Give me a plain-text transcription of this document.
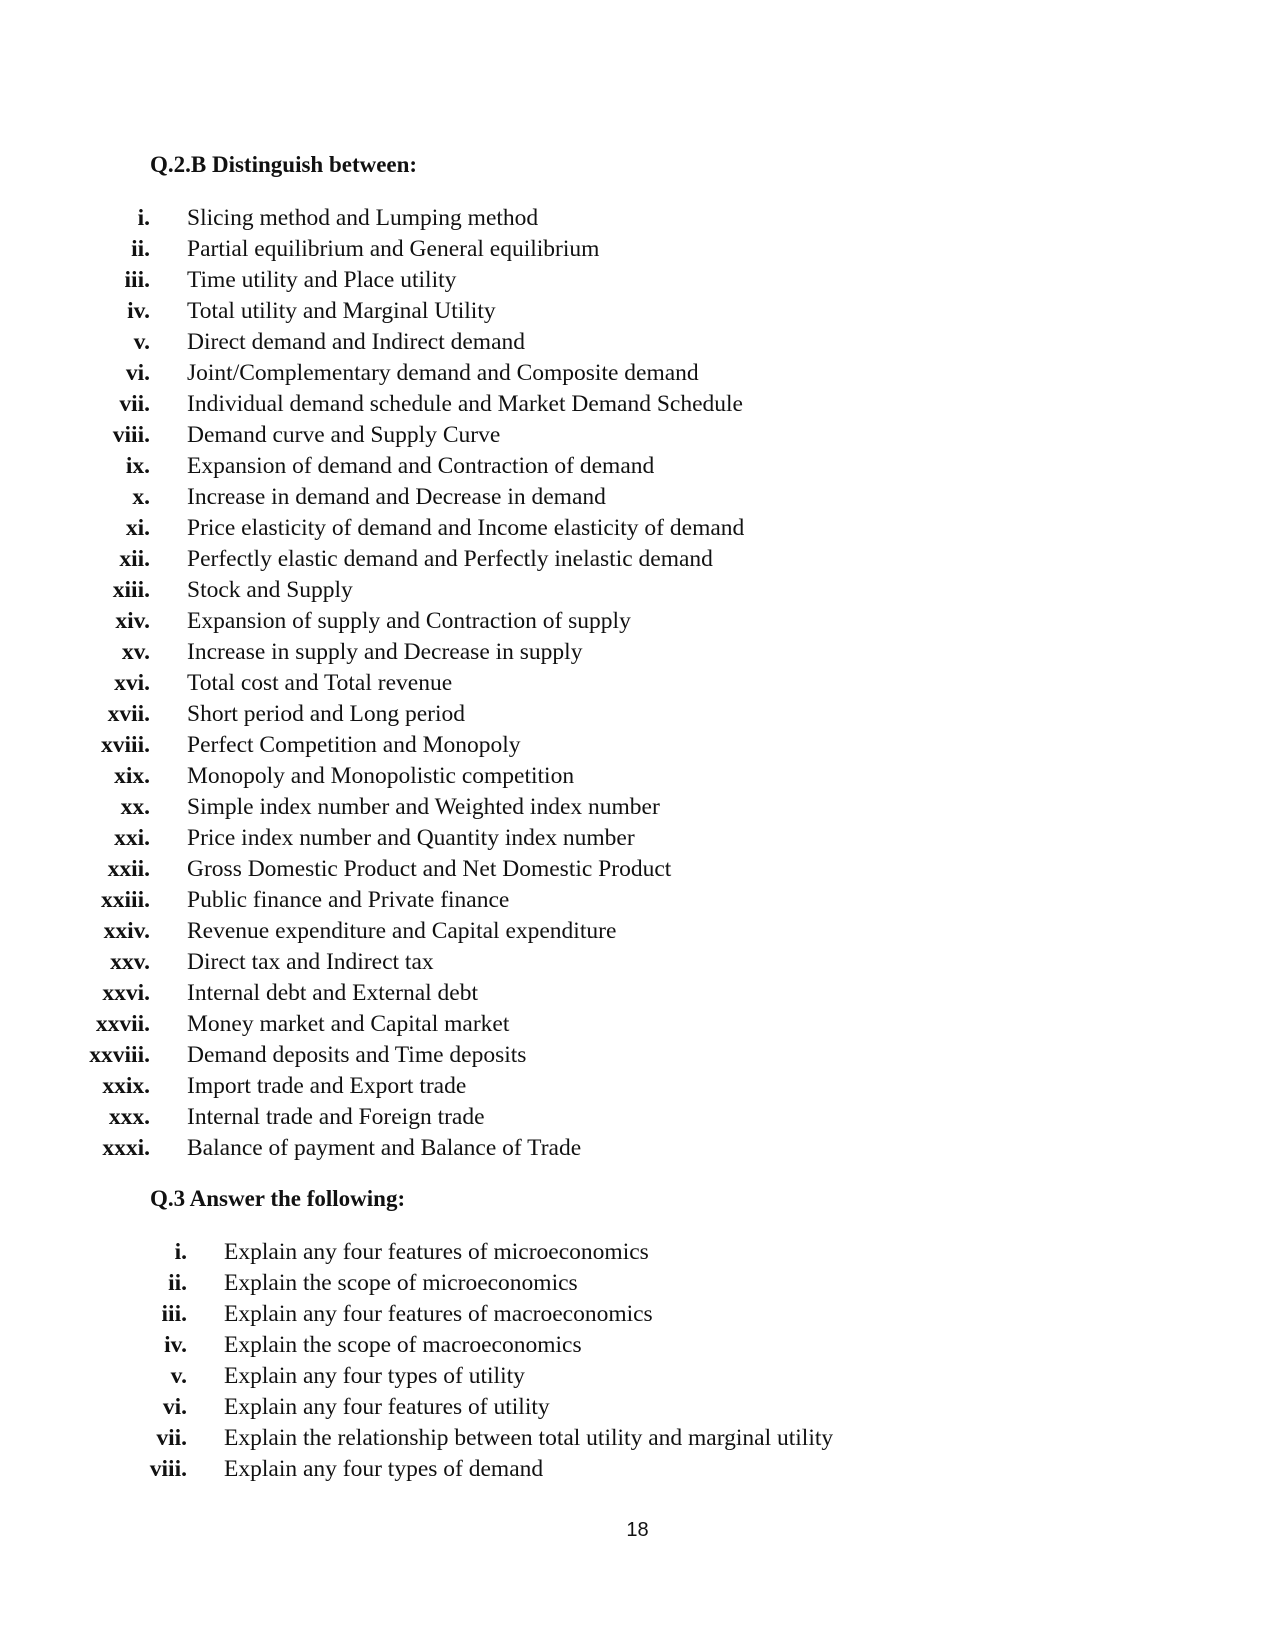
Q.2.B Distinguish between:
i. Slicing method and Lumping method
ii. Partial equilibrium and General equilibrium
iii. Time utility and Place utility
iv. Total utility and Marginal Utility
v. Direct demand and Indirect demand
vi. Joint/Complementary demand and Composite demand
vii. Individual demand schedule and Market Demand Schedule
viii. Demand curve and Supply Curve
ix. Expansion of demand and Contraction of demand
x. Increase in demand and Decrease in demand
xi. Price elasticity of demand and Income elasticity of demand
xii. Perfectly elastic demand and Perfectly inelastic demand
xiii. Stock and Supply
xiv. Expansion of supply and Contraction of supply
xv. Increase in supply and Decrease in supply
xvi. Total cost and Total revenue
xvii. Short period and Long period
xviii. Perfect Competition and Monopoly
xix. Monopoly and Monopolistic competition
xx. Simple index number and Weighted index number
xxi. Price index number and Quantity index number
xxii. Gross Domestic Product and Net Domestic Product
xxiii. Public finance and Private finance
xxiv. Revenue expenditure and Capital expenditure
xxv. Direct tax and Indirect tax
xxvi. Internal debt and External debt
xxvii. Money market and Capital market
xxviii. Demand deposits and Time deposits
xxix. Import trade and Export trade
xxx. Internal trade and Foreign trade
xxxi. Balance of payment and Balance of Trade
Q.3 Answer the following:
i. Explain any four features of microeconomics
ii. Explain the scope of microeconomics
iii. Explain any four features of macroeconomics
iv. Explain the scope of macroeconomics
v. Explain any four types of utility
vi. Explain any four features of utility
vii. Explain the relationship between total utility and marginal utility
viii. Explain any four types of demand
18
